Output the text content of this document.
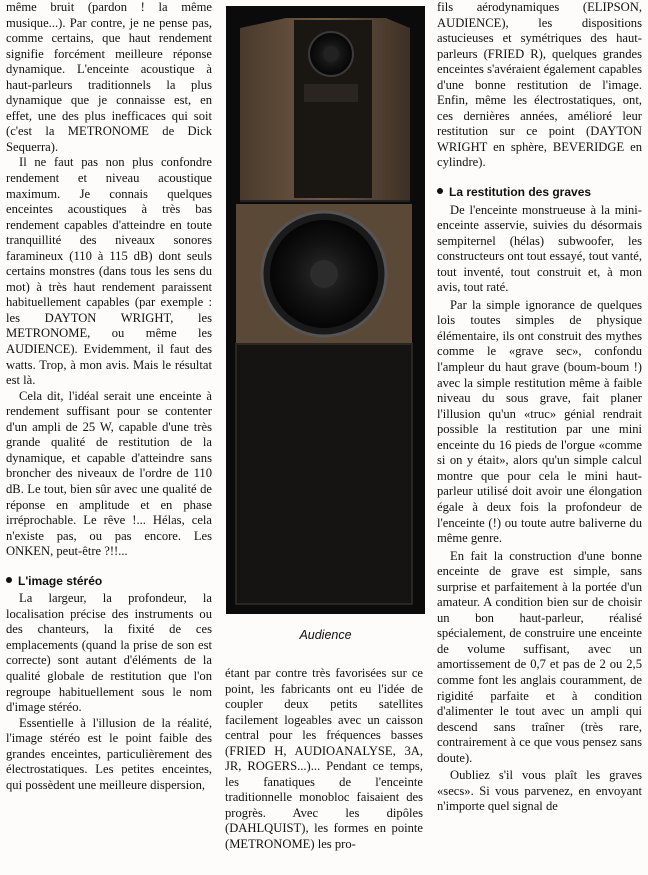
même bruit (pardon ! la même musique...). Par contre, je ne pense pas, comme certains, que haut rendement signifie forcément meilleure réponse dynamique. L'enceinte acoustique à haut-parleurs traditionnels la plus dynamique que je connaisse est, en effet, une des plus inefficaces qui soit (c'est la METRONOME de Dick Sequerra).

Il ne faut pas non plus confondre rendement et niveau acoustique maximum. Je connais quelques enceintes acoustiques à très bas rendement capables d'atteindre en toute tranquillité des niveaux sonores faramineux (110 à 115 dB) dont seuls certains monstres (dans tous les sens du mot) à très haut rendement paraissent habituellement capables (par exemple : les DAYTON WRIGHT, les METRONOME, ou même les AUDIENCE). Evidemment, il faut des watts. Trop, à mon avis. Mais le résultat est là.

Cela dit, l'idéal serait une enceinte à rendement suffisant pour se contenter d'un ampli de 25 W, capable d'une très grande qualité de restitution de la dynamique, et capable d'atteindre sans broncher des niveaux de l'ordre de 110 dB. Le tout, bien sûr avec une qualité de réponse en amplitude et en phase irréprochable. Le rêve !... Hélas, cela n'existe pas, ou pas encore. Les ONKEN, peut-être ?!!...

L'image stéréo

La largeur, la profondeur, la localisation précise des instruments ou des chanteurs, la fixité de ces emplacements (quand la prise de son est correcte) sont autant d'éléments de la qualité globale de restitution que l'on regroupe habituellement sous le nom d'image stéréo.

Essentielle à l'illusion de la réalité, l'image stéréo est le point faible des grandes enceintes, particulièrement des électrostatiques. Les petites enceintes, qui possèdent une meilleure dispersion,

Audience

étant par contre très favorisées sur ce point, les fabricants ont eu l'idée de coupler deux petits satellites facilement logeables avec un caisson central pour les fréquences basses (FRIED H, AUDIOANALYSE, 3A, JR, ROGERS...)... Pendant ce temps, les fanatiques de l'enceinte traditionnelle monobloc faisaient des progrès. Avec les dipôles (DAHLQUIST), les formes en pointe (METRONOME) les pro-

fils aérodynamiques (ELIPSON, AUDIENCE), les dispositions astucieuses et symétriques des haut-parleurs (FRIED R), quelques grandes enceintes s'avéraient également capables d'une bonne restitution de l'image. Enfin, même les électrostatiques, ont, ces dernières années, amélioré leur restitution sur ce point (DAYTON WRIGHT en sphère, BEVERIDGE en cylindre).

La restitution des graves

De l'enceinte monstrueuse à la mini-enceinte asservie, suivies du désormais sempiternel (hélas) subwoofer, les constructeurs ont tout essayé, tout vanté, tout inventé, tout construit et, à mon avis, tout raté.

Par la simple ignorance de quelques lois toutes simples de physique élémentaire, ils ont construit des mythes comme le «grave sec», confondu l'ampleur du haut grave (boum-boum !) avec la simple restitution même à faible niveau du sous grave, fait planer l'illusion qu'un «truc» génial rendrait possible la restitution par une mini enceinte du 16 pieds de l'orgue «comme si on y était», alors qu'un simple calcul montre que pour cela le mini haut-parleur utilisé doit avoir une élongation égale à deux fois la profondeur de l'enceinte (!) ou toute autre baliverne du même genre.

En fait la construction d'une bonne enceinte de grave est simple, sans surprise et parfaitement à la portée d'un amateur. A condition bien sur de choisir un bon haut-parleur, réalisé spécialement, de construire une enceinte de volume suffisant, avec un amortissement de 0,7 et pas de 2 ou 2,5 comme font les anglais couramment, de rigidité parfaite et à condition d'alimenter le tout avec un ampli qui descend sans traîner (très rare, contrairement à ce que vous pensez sans doute).

Oubliez s'il vous plaît les graves «secs». Si vous parvenez, en envoyant n'importe quel signal de
